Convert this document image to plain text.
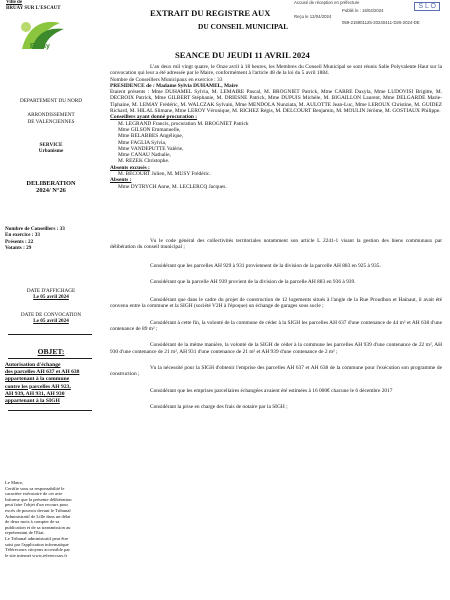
Ville de
BRUAY SUR L'ESCAUT
Bruay
DEPARTEMENT DU NORD
ARRONDISSEMENT
DE VALENCIENNES
SERVICE
Urbanisme
DELIBERATION
2024/ N°26
Nombre de Conseillers : 33
En exercice : 33
Présents : 22
Votants : 29
DATE D'AFFICHAGE
Le 05 avril 2024
DATE DE CONVOCATION
Le 05 avril 2024
OBJET:
Autorisation d'échange
des parcelles AH 637 et AH 638
appartenant à la commune
contre les parcelles AH 923,
AH 939, AH 931, AH 930
appartenant à la SIGH
Le Maire,
Certifie sous sa responsabilité le
caractère exécutoire de cet acte
Informe que la présente délibération
peut faire l'objet d'un recours pour
excès de pouvoir devant le Tribunal
Administratif de Lille dans un délai
de deux mois à compter de sa
publication et de sa transmission au
représentant de l'Etat.
Le Tribunal administratif peut être
saisi par l'application informatique
Télérecours citoyens accessible par
le site internet www.telerecours.fr
Accusé de réception en préfecture
Publié le : 16/04/2024
059-215901125-20240411-D26-2024-DE
Reçu le 12/04/2024
S L O
EXTRAIT DU REGISTRE AUX
DU CONSEIL MUNICIPAL
SEANCE DU JEUDI 11 AVRIL 2024

L'an deux mil vingt quatre, le Onze avril à 18 heures, les Membres du Conseil Municipal se sont réunis Salle Polyvalente Haut sur la convocation qui leur a été adressée par le Maire, conformément à l'article 48 de la loi du 5 avril 1884.

Nombre de Conseillers Municipaux en exercice : 33

PRESIDENCE de : Madame Sylvia DUHAMEL, Maire

Etaient présents : Mme DUHAMEL Sylvia, M. LEMAIRE Pascal, M. BROGNIET Patrick, Mme CARRE Daxyla, Mme LUDOVISI Brigitte, M. DECROIX Patrick, Mme GILBERT Stéphanie, M. DRIESNE Patrick, Mme DUPUIS Michèle, M. BIGAILLON Laurent, Mme DELGARDE Marie-Tiphaine, M. LEMAY Frédéric, M. WALCZAK Sylvain, Mme MENDOLA Nunziata, M. AULOTTE Jean-Luc, Mme LEROUX Christine, M. GUIDEZ Richard, M. HILAL Slimane, Mme LEROY Véronique, M. RICHEZ Régis, M. DELCOURT Benjamin, M. MOULIN Jérôme, M. GOSTIAUX Philippe.

Conseillers ayant donné procuration :

M. LEGRAND Francis, procuration M. BROGNIET Patrick
Mme GILSON Emmanuelle,
Mme BELABBES Angélique,
Mme FAGLIA Sylvia,
Mme VANDEPUTTE Valérie,
Mme CANAU Nathalie,
M. REZEK Christophe.

Absents excusés :

M. BECOURT Julien, M. MUSY Frédéric.

Absents :

Mme DYTRYCH Anne, M. LECLERCQ Jacques.

Vu le code général des collectivités territoriales notamment son article L 2241-1 visant la gestion des biens communaux par délibération du conseil municipal ;

Considérant que les parcelles AH 929 à 931 proviennent de la division de la parcelle AH 883 en 925 à 935.

Considérant que la parcelle AH 939 provient de la division de la parcelle AH 883 en 936 à 939.

Considérant que dans le cadre du projet de construction de 12 logements situés à l'angle de la Rue Proudhon et Hainaut, il avait été convenu entre la commune et la SIGH (société V2H à l'époque) un échange de garages sous socle ;

Considérant à cette fin, la volonté de la commune de céder à la SIGH les parcelles AH 637 d'une contenance de 44 m² et AH 638 d'une contenance de 89 m² ;

Considérant de la même manière, la volonté de la SIGH de céder à la commune les parcelles AH 939 d'une contenance de 22 m², AH 930 d'une contenance de 21 m², AH 931 d'une contenance de 21 m² et AH 939 d'une contenance de 2 m² ;

Vu la nécessité pour la SIGH d'obtenir l'emprise des parcelles AH 637 et AH 638 de la commune pour l'exécution son programme de construction ;

Considérant que les emprises parcellaires échangées avaient été estimées à 16 000€ chacune le 6 décembre 2017

Considérant la prise en charge des frais de notaire par la SIGH ;
